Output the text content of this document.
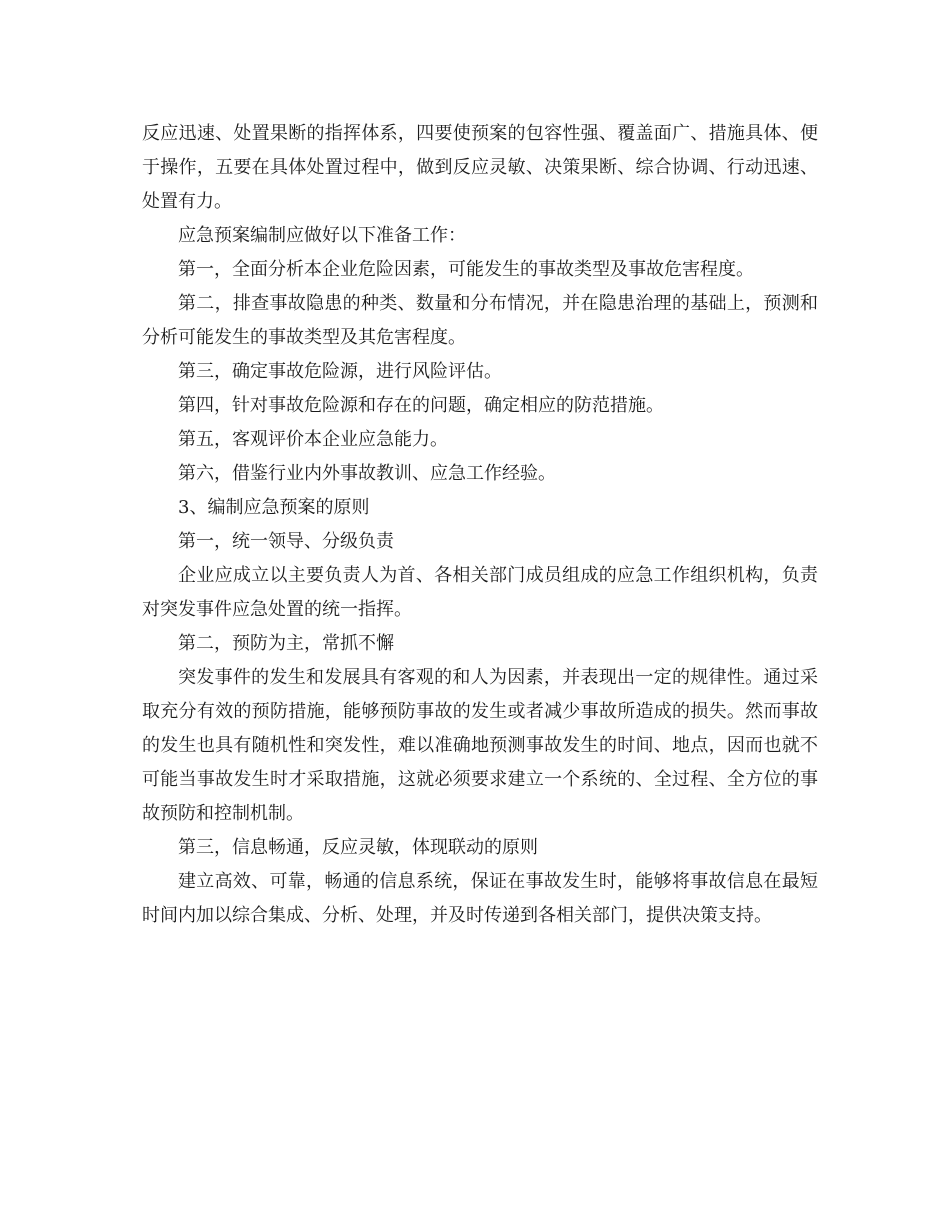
反应迅速、处置果断的指挥体系，四要使预案的包容性强、覆盖面广、措施具体、便于操作，五要在具体处置过程中，做到反应灵敏、决策果断、综合协调、行动迅速、处置有力。

应急预案编制应做好以下准备工作：

第一，全面分析本企业危险因素，可能发生的事故类型及事故危害程度。

第二，排查事故隐患的种类、数量和分布情况，并在隐患治理的基础上，预测和分析可能发生的事故类型及其危害程度。

第三，确定事故危险源，进行风险评估。

第四，针对事故危险源和存在的问题，确定相应的防范措施。

第五，客观评价本企业应急能力。

第六，借鉴行业内外事故教训、应急工作经验。

3、编制应急预案的原则

第一，统一领导、分级负责

企业应成立以主要负责人为首、各相关部门成员组成的应急工作组织机构，负责对突发事件应急处置的统一指挥。

第二，预防为主，常抓不懈

突发事件的发生和发展具有客观的和人为因素，并表现出一定的规律性。通过采取充分有效的预防措施，能够预防事故的发生或者减少事故所造成的损失。然而事故的发生也具有随机性和突发性，难以准确地预测事故发生的时间、地点，因而也就不可能当事故发生时才采取措施，这就必须要求建立一个系统的、全过程、全方位的事故预防和控制机制。

第三，信息畅通，反应灵敏，体现联动的原则

建立高效、可靠，畅通的信息系统，保证在事故发生时，能够将事故信息在最短时间内加以综合集成、分析、处理，并及时传递到各相关部门，提供决策支持。
